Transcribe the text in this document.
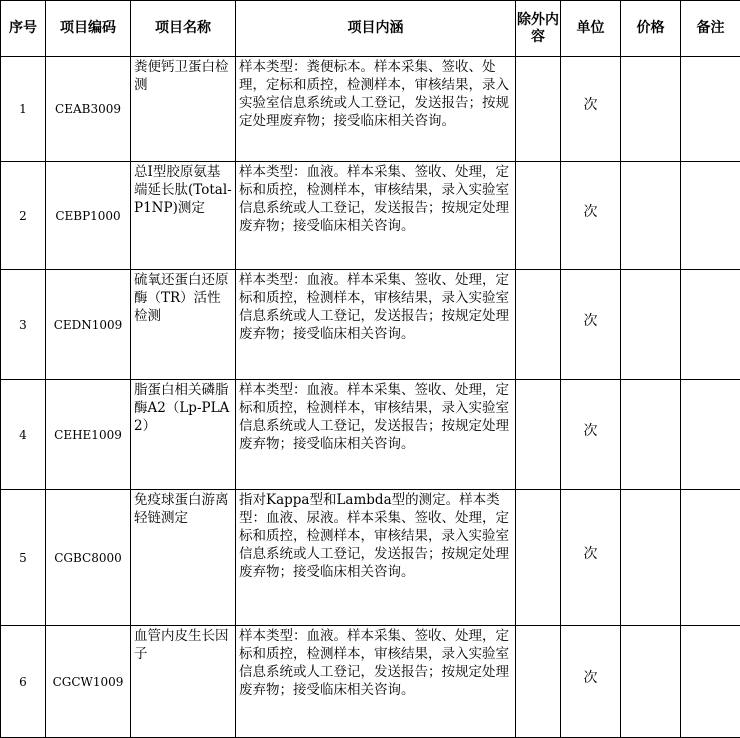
序号	项目编码	项目名称	项目内涵	除外内容	单位	价格	备注
1	CEAB3009	粪便钙卫蛋白检测	样本类型：粪便标本。样本采集、签收、处理，定标和质控，检测样本，审核结果，录入实验室信息系统或人工登记，发送报告；按规定处理废弃物；接受临床相关咨询。		次		
2	CEBP1000	总Ⅰ型胶原氨基端延长肽(Total-P1NP)测定	样本类型：血液。样本采集、签收、处理，定标和质控，检测样本，审核结果，录入实验室信息系统或人工登记，发送报告；按规定处理废弃物；接受临床相关咨询。		次		
3	CEDN1009	硫氧还蛋白还原酶（TR）活性检测	样本类型：血液。样本采集、签收、处理，定标和质控，检测样本，审核结果，录入实验室信息系统或人工登记，发送报告；按规定处理废弃物；接受临床相关咨询。		次		
4	CEHE1009	脂蛋白相关磷脂酶A2（Lp-PLA2）	样本类型：血液。样本采集、签收、处理，定标和质控，检测样本，审核结果，录入实验室信息系统或人工登记，发送报告；按规定处理废弃物；接受临床相关咨询。		次		
5	CGBC8000	免疫球蛋白游离轻链测定	指对Kappa型和Lambda型的测定。样本类型：血液、尿液。样本采集、签收、处理，定标和质控，检测样本，审核结果，录入实验室信息系统或人工登记，发送报告；按规定处理废弃物；接受临床相关咨询。		次		
6	CGCW1009	血管内皮生长因子	样本类型：血液。样本采集、签收、处理，定标和质控，检测样本，审核结果，录入实验室信息系统或人工登记，发送报告；按规定处理废弃物；接受临床相关咨询。		次		
